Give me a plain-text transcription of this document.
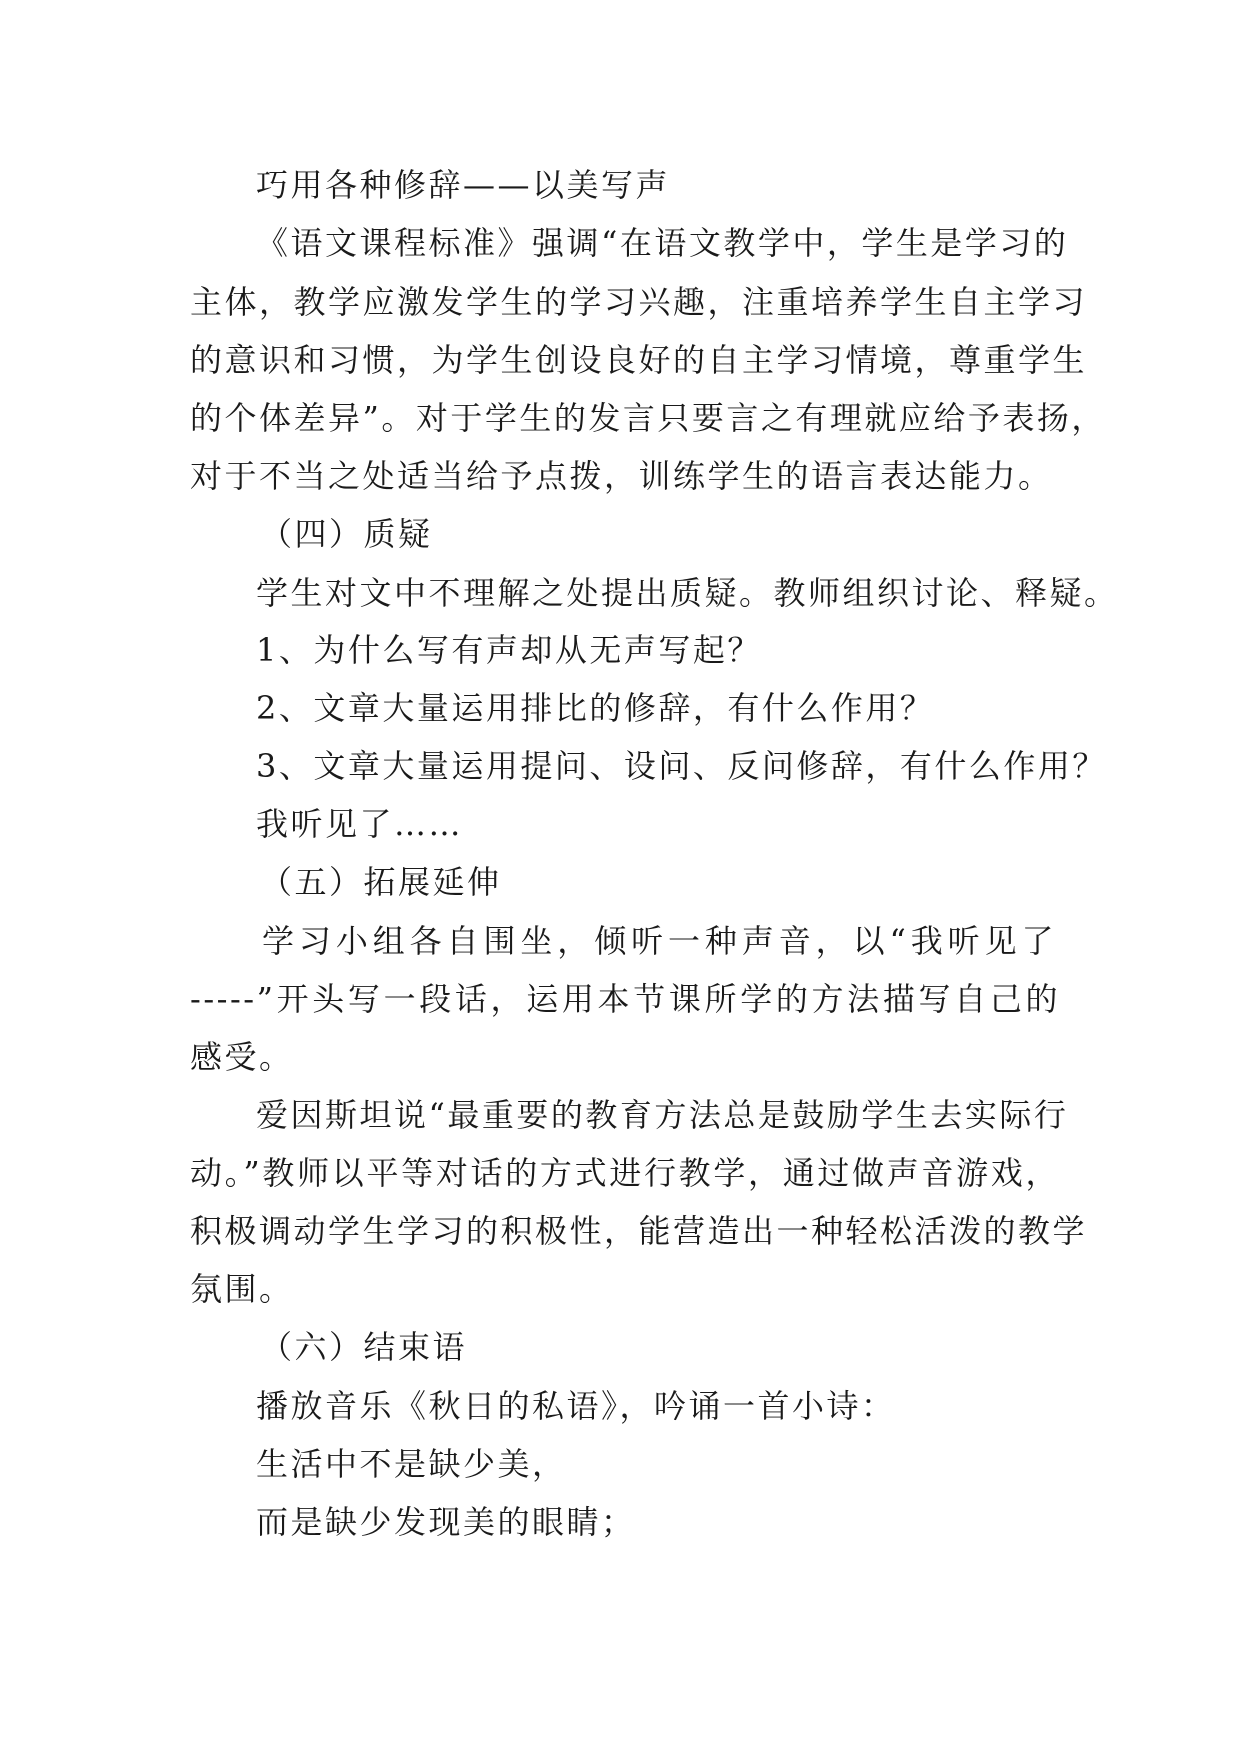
巧用各种修辞——以美写声
《语文课程标准》强调“在语文教学中，学生是学习的
主体，教学应激发学生的学习兴趣，注重培养学生自主学习
的意识和习惯，为学生创设良好的自主学习情境，尊重学生
的个体差异”。对于学生的发言只要言之有理就应给予表扬，
对于不当之处适当给予点拨，训练学生的语言表达能力。
（四）质疑
学生对文中不理解之处提出质疑。教师组织讨论、释疑。
1、为什么写有声却从无声写起？
2、文章大量运用排比的修辞，有什么作用？
3、文章大量运用提问、设问、反问修辞，有什么作用？
我听见了……
（五）拓展延伸
学习小组各自围坐，倾听一种声音，以“我听见了
-----”开头写一段话，运用本节课所学的方法描写自己的
感受。
爱因斯坦说“最重要的教育方法总是鼓励学生去实际行
动。”教师以平等对话的方式进行教学，通过做声音游戏，
积极调动学生学习的积极性，能营造出一种轻松活泼的教学
氛围。
（六）结束语
播放音乐《秋日的私语》，吟诵一首小诗：
生活中不是缺少美，
而是缺少发现美的眼睛；
